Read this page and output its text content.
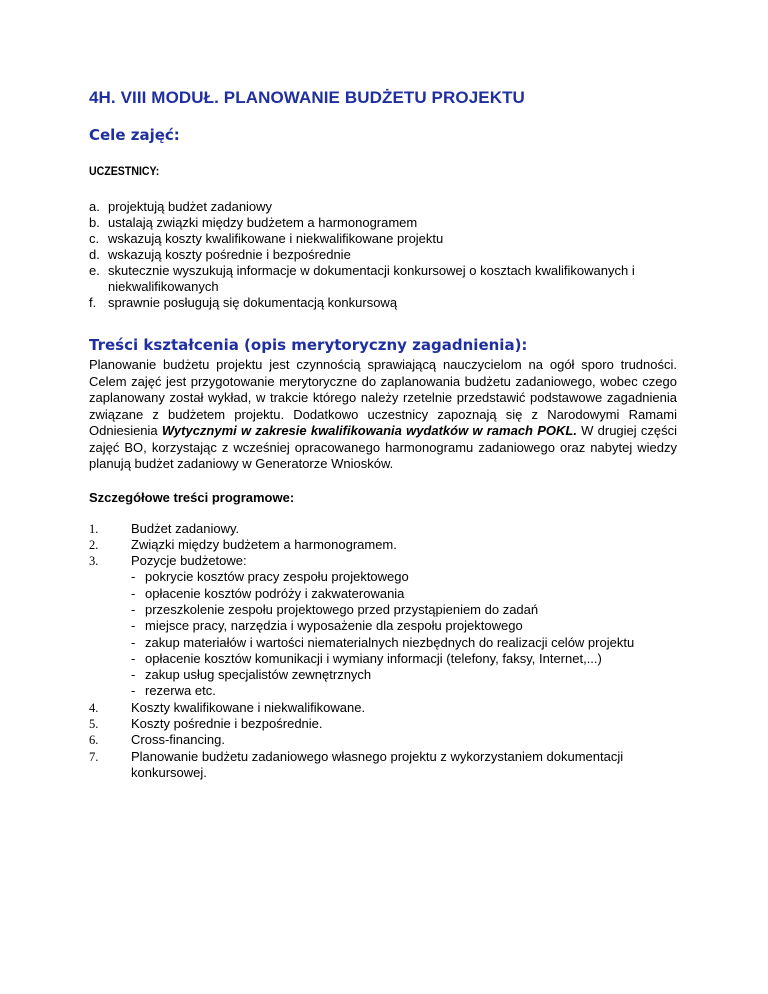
4H. VIII MODUŁ. PLANOWANIE BUDŻETU PROJEKTU
Cele zajęć:
UCZESTNICY:
a. projektują budżet zadaniowy
b. ustalają związki między budżetem a harmonogramem
c. wskazują koszty kwalifikowane i niekwalifikowane projektu
d. wskazują koszty pośrednie i bezpośrednie
e. skutecznie wyszukują informacje w dokumentacji konkursowej o kosztach kwalifikowanych i niekwalifikowanych
f. sprawnie posługują się dokumentacją konkursową
Treści kształcenia (opis merytoryczny zagadnienia):

Planowanie budżetu projektu jest czynnością sprawiającą nauczycielom na ogół sporo trudności. Celem zajęć jest przygotowanie merytoryczne do zaplanowania budżetu zadaniowego, wobec czego zaplanowany został wykład, w trakcie którego należy rzetelnie przedstawić podstawowe zagadnienia związane z budżetem projektu. Dodatkowo uczestnicy zapoznają się z Narodowymi Ramami Odniesienia Wytycznymi w zakresie kwalifikowania wydatków w ramach POKL. W drugiej części zajęć BO, korzystając z wcześniej opracowanego harmonogramu zadaniowego oraz nabytej wiedzy planują budżet zadaniowy w Generatorze Wniosków.

Szczegółowe treści programowe:
1.	Budżet zadaniowy.
2.	Związki między budżetem a harmonogramem.
3.	Pozycje budżetowe:
- pokrycie kosztów pracy zespołu projektowego
- opłacenie kosztów podróży i zakwaterowania
- przeszkolenie zespołu projektowego przed przystąpieniem do zadań
- miejsce pracy, narzędzia i wyposażenie dla zespołu projektowego
- zakup materiałów i wartości niematerialnych niezbędnych do realizacji celów projektu
- opłacenie kosztów komunikacji i wymiany informacji (telefony, faksy, Internet,...)
- zakup usług specjalistów zewnętrznych
- rezerwa etc.
4.	Koszty kwalifikowane i niekwalifikowane.
5.	Koszty pośrednie i bezpośrednie.
6.	Cross-financing.
7.	Planowanie budżetu zadaniowego własnego projektu z wykorzystaniem dokumentacji konkursowej.
